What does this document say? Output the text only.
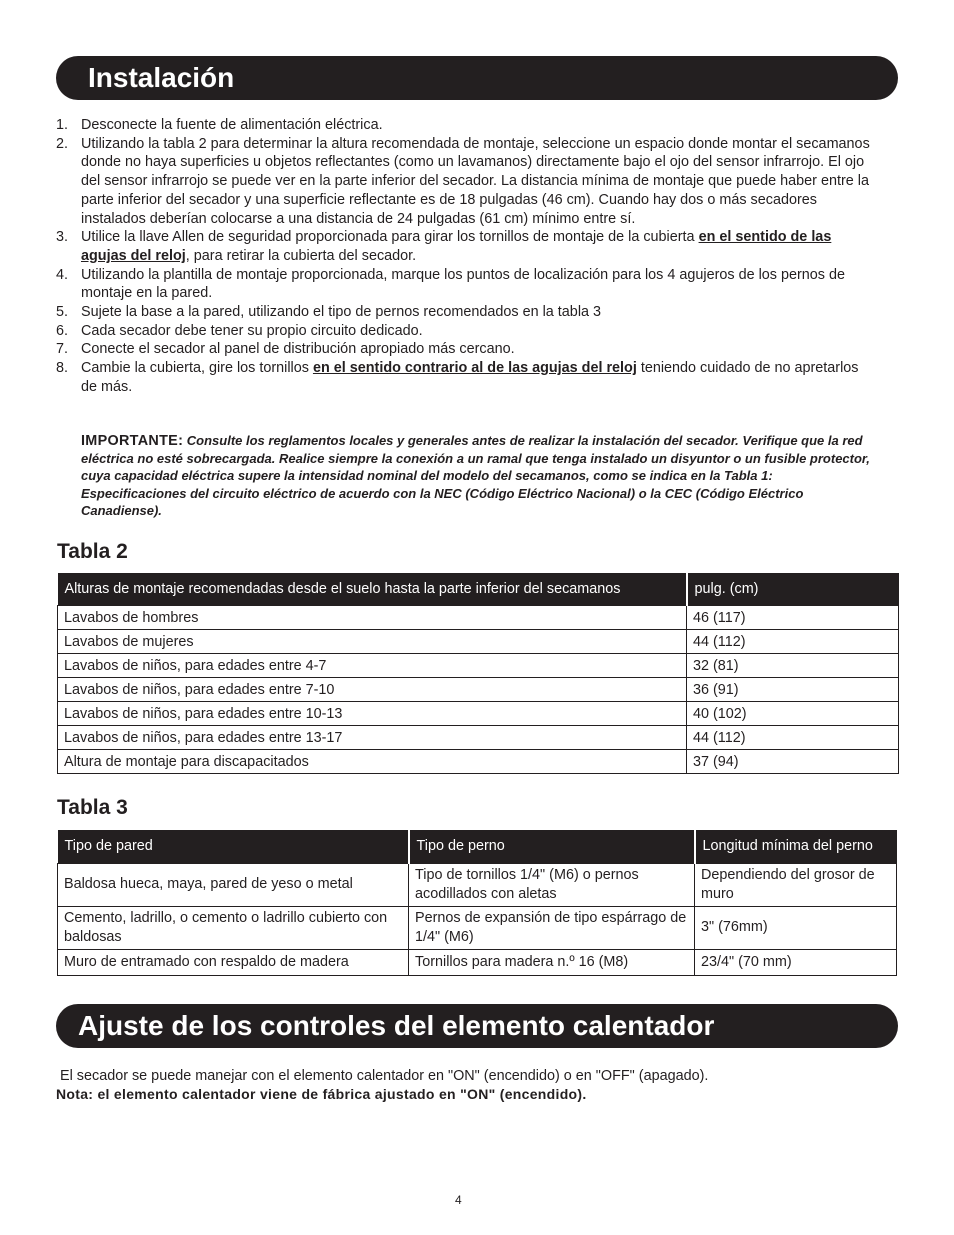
Instalación
1. Desconecte la fuente de alimentación eléctrica.
2. Utilizando la tabla 2 para determinar la altura recomendada de montaje, seleccione un espacio donde montar el secamanos donde no haya superficies u objetos reflectantes (como un lavamanos) directamente bajo el ojo del sensor infrarrojo. El ojo del sensor infrarrojo se puede ver en la parte inferior del secador. La distancia mínima de montaje que puede haber entre la parte inferior del secador y una superficie reflectante es de 18 pulgadas (46 cm). Cuando hay dos o más secadores instalados deberían colocarse a una distancia de 24 pulgadas (61 cm) mínimo entre sí.
3. Utilice la llave Allen de seguridad proporcionada para girar los tornillos de montaje de la cubierta en el sentido de las agujas del reloj, para retirar la cubierta del secador.
4. Utilizando la plantilla de montaje proporcionada, marque los puntos de localización para los 4 agujeros de los pernos de montaje en la pared.
5. Sujete la base a la pared, utilizando el tipo de pernos recomendados en la tabla 3
6. Cada secador debe tener su propio circuito dedicado.
7. Conecte el secador al panel de distribución apropiado más cercano.
8. Cambie la cubierta, gire los tornillos en el sentido contrario al de las agujas del reloj teniendo cuidado de no apretarlos de más.
IMPORTANTE: Consulte los reglamentos locales y generales antes de realizar la instalación del secador. Verifique que la red eléctrica no esté sobrecargada. Realice siempre la conexión a un ramal que tenga instalado un disyuntor o un fusible protector, cuya capacidad eléctrica supere la intensidad nominal del modelo del secamanos, como se indica en la Tabla 1: Especificaciones del circuito eléctrico de acuerdo con la NEC (Código Eléctrico Nacional) o la CEC (Código Eléctrico Canadiense).
Tabla 2
Alturas de montaje recomendadas desde el suelo hasta la parte inferior del secamanos	pulg. (cm)
Lavabos de hombres	46 (117)
Lavabos de mujeres	44 (112)
Lavabos de niños, para edades entre 4-7	32 (81)
Lavabos de niños, para edades entre 7-10	36 (91)
Lavabos de niños, para edades entre 10-13	40 (102)
Lavabos de niños, para edades entre 13-17	44 (112)
Altura de montaje para discapacitados	37 (94)
Tabla 3
Tipo de pared	Tipo de perno	Longitud mínima del perno
Baldosa hueca, maya, pared de yeso o metal	Tipo de tornillos 1/4" (M6) o pernos acodillados con aletas	Dependiendo del grosor de muro
Cemento, ladrillo, o cemento o ladrillo cubierto con baldosas	Pernos de expansión de tipo espárrago de 1/4" (M6)	3" (76mm)
Muro de entramado con respaldo de madera	Tornillos para madera n.º 16 (M8)	23/4" (70 mm)
Ajuste de los controles del elemento calentador
El secador se puede manejar con el elemento calentador en "ON" (encendido) o en "OFF" (apagado).
Nota: el elemento calentador viene de fábrica ajustado en "ON" (encendido).
4
